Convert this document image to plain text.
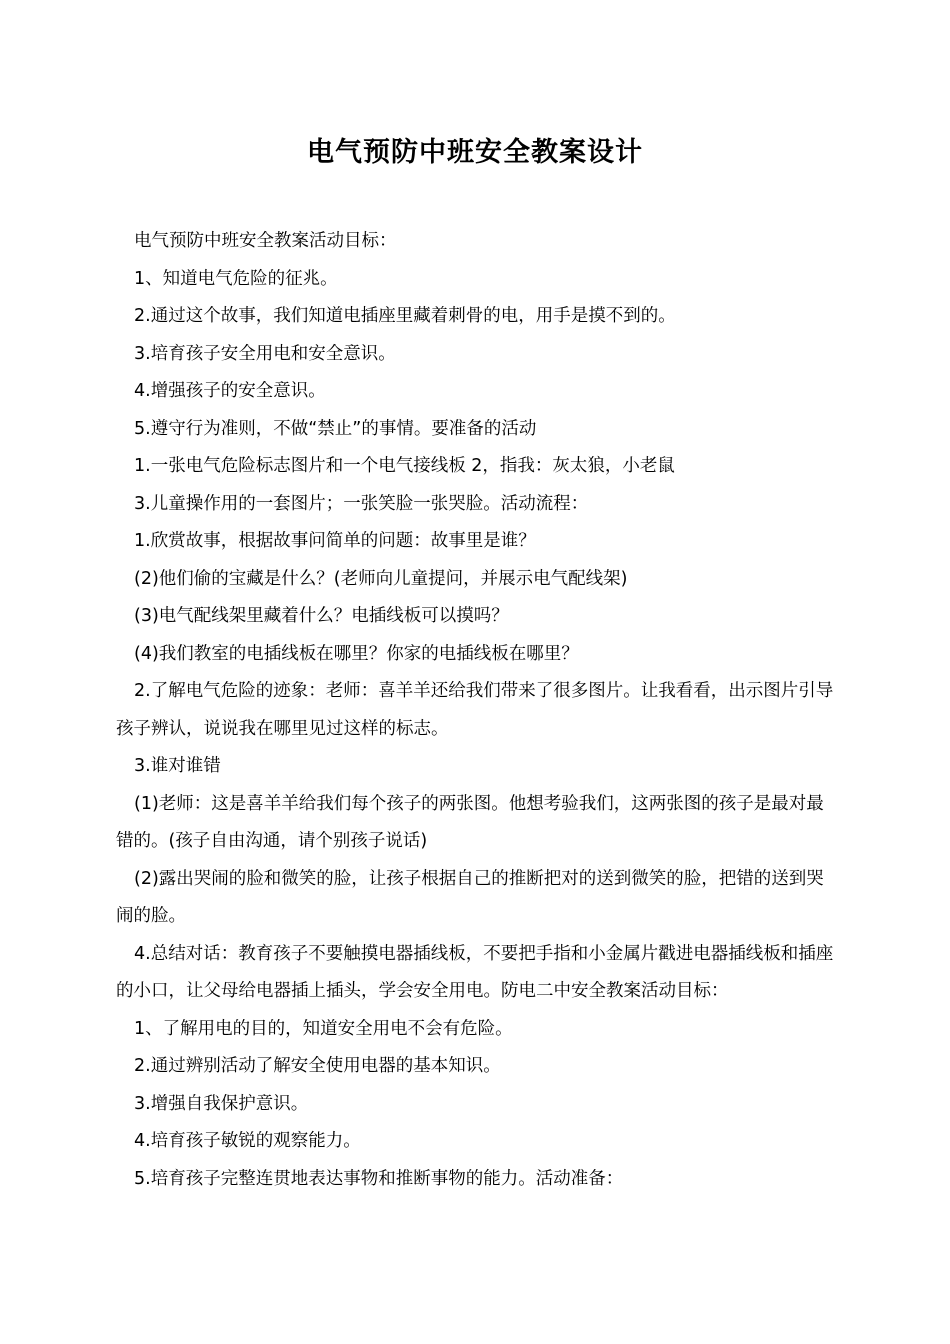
电气预防中班安全教案设计

电气预防中班安全教案活动目标：

1、知道电气危险的征兆。

2.通过这个故事，我们知道电插座里藏着刺骨的电，用手是摸不到的。

3.培育孩子安全用电和安全意识。

4.增强孩子的安全意识。

5.遵守行为准则，不做“禁止”的事情。要准备的活动

1.一张电气危险标志图片和一个电气接线板 2，指我：灰太狼，小老鼠

3.儿童操作用的一套图片；一张笑脸一张哭脸。活动流程：

1.欣赏故事，根据故事问简单的问题：故事里是谁？

(2)他们偷的宝藏是什么？(老师向儿童提问，并展示电气配线架)

(3)电气配线架里藏着什么？电插线板可以摸吗？

(4)我们教室的电插线板在哪里？你家的电插线板在哪里？

2.了解电气危险的迹象：老师：喜羊羊还给我们带来了很多图片。让我看看，出示图片引导孩子辨认，说说我在哪里见过这样的标志。

3.谁对谁错

(1)老师：这是喜羊羊给我们每个孩子的两张图。他想考验我们，这两张图的孩子是最对最错的。(孩子自由沟通，请个别孩子说话)

(2)露出哭闹的脸和微笑的脸，让孩子根据自己的推断把对的送到微笑的脸，把错的送到哭闹的脸。

4.总结对话：教育孩子不要触摸电器插线板，不要把手指和小金属片戳进电器插线板和插座的小口，让父母给电器插上插头，学会安全用电。防电二中安全教案活动目标：

1、了解用电的目的，知道安全用电不会有危险。

2.通过辨别活动了解安全使用电器的基本知识。

3.增强自我保护意识。

4.培育孩子敏锐的观察能力。

5.培育孩子完整连贯地表达事物和推断事物的能力。活动准备：
